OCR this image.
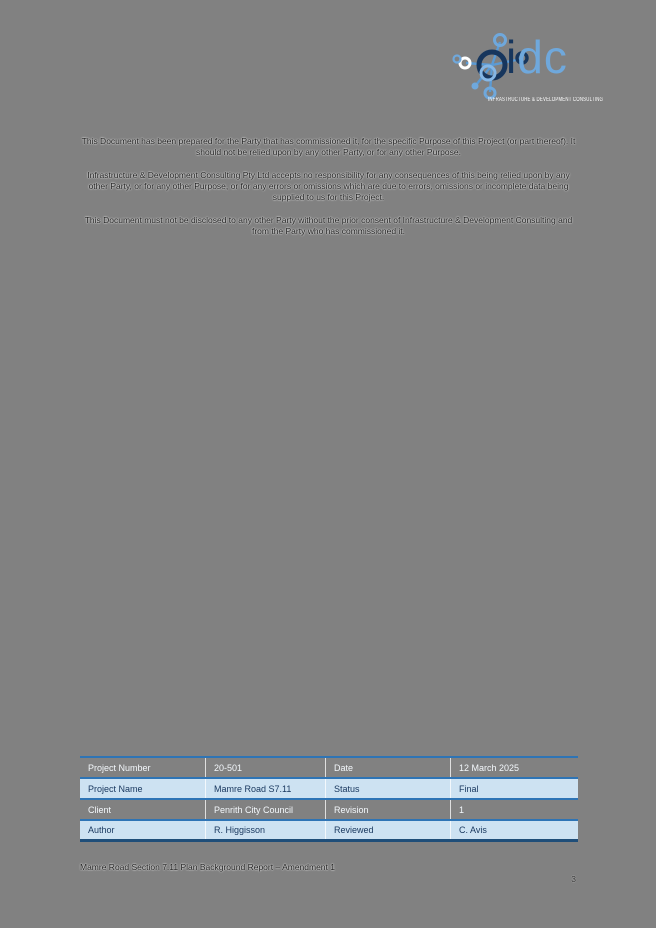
idc
INFRASTRUCTURE & DEVELOPMENT CONSULTING

This Document has been prepared for the Party that has commissioned it, for the specific Purpose of this Project (or part thereof). It should not be relied upon by any other Party, or for any other Purpose.

Infrastructure & Development Consulting Pty Ltd accepts no responsibility for any consequences of this being relied upon by any other Party, or for any other Purpose, or for any errors or omissions which are due to errors, omissions or incomplete data being supplied to us for this Project.

This Document must not be disclosed to any other Party without the prior consent of Infrastructure & Development Consulting and from the Party who has commissioned it.

Project Number	20-501	Date	12 March 2025
Project Name	Mamre Road S7.11	Status	Final
Client	Penrith City Council	Revision	1
Author	R. Higgisson	Reviewed	C. Avis
Mamre Road Section 7.11 Plan Background Report – Amendment 1
3
